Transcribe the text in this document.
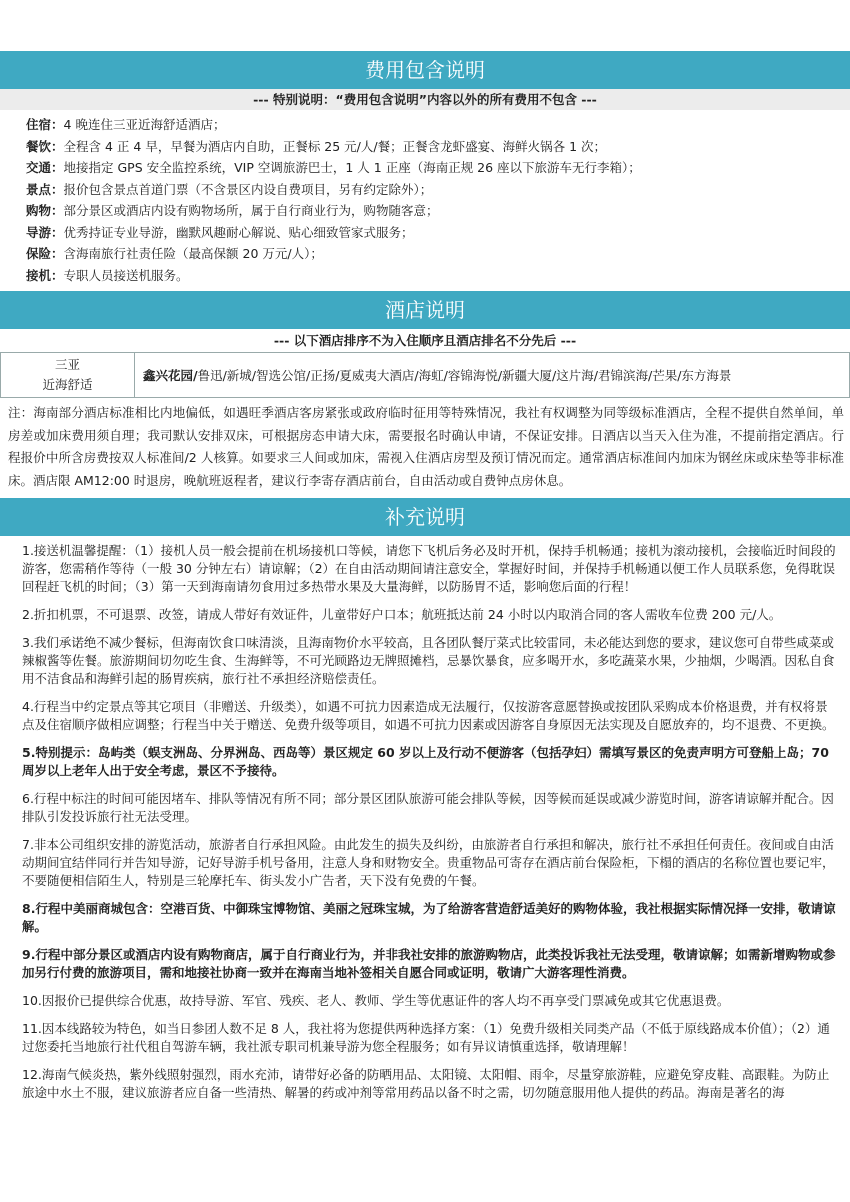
费用包含说明
--- 特别说明：“费用包含说明”内容以外的所有费用不包含 ---
住宿：4 晚连住三亚近海舒适酒店；
餐饮：全程含 4 正 4 早，早餐为酒店内自助，正餐标 25 元/人/餐；正餐含龙虾盛宴、海鲜火锅各 1 次；
交通：地接指定 GPS 安全监控系统，VIP 空调旅游巴士，1 人 1 正座（海南正规 26 座以下旅游车无行李箱）；
景点：报价包含景点首道门票（不含景区内设自费项目，另有约定除外）；
购物：部分景区或酒店内设有购物场所，属于自行商业行为，购物随客意；
导游：优秀持证专业导游，幽默风趣耐心解说、贴心细致管家式服务；
保险：含海南旅行社责任险（最高保额 20 万元/人）；
接机：专职人员接送机服务。
酒店说明
--- 以下酒店排序不为入住顺序且酒店排名不分先后 ---
三亚
近海舒适
	鑫兴花园/鲁迅/新城/智选公馆/正扬/夏威夷大酒店/海虹/容锦海悦/新疆大厦/这片海/君锦滨海/芒果/东方海景
注：海南部分酒店标准相比内地偏低，如遇旺季酒店客房紧张或政府临时征用等特殊情况，我社有权调整为同等级标准酒店，全程不提供自然单间，单房差或加床费用须自理；我司默认安排双床，可根据房态申请大床，需要报名时确认申请，不保证安排。日酒店以当天入住为准，不提前指定酒店。行程报价中所含房费按双人标准间/2 人核算。如要求三人间或加床，需视入住酒店房型及预订情况而定。通常酒店标准间内加床为钢丝床或床垫等非标准床。酒店限 AM12:00 时退房，晚航班返程者，建议行李寄存酒店前台，自由活动或自费钟点房休息。
补充说明
1.接送机温馨提醒：（1）接机人员一般会提前在机场接机口等候，请您下飞机后务必及时开机，保持手机畅通；接机为滚动接机，会接临近时间段的游客，您需稍作等待（一般 30 分钟左右）请谅解；（2）在自由活动期间请注意安全，掌握好时间，并保持手机畅通以便工作人员联系您，免得耽误回程赶飞机的时间；（3）第一天到海南请勿食用过多热带水果及大量海鲜，以防肠胃不适，影响您后面的行程！
2.折扣机票，不可退票、改签，请成人带好有效证件，儿童带好户口本；航班抵达前 24 小时以内取消合同的客人需收车位费 200 元/人。
3.我们承诺绝不减少餐标，但海南饮食口味清淡，且海南物价水平较高，且各团队餐厅菜式比较雷同，未必能达到您的要求，建议您可自带些咸菜或辣椒酱等佐餐。旅游期间切勿吃生食、生海鲜等，不可光顾路边无牌照摊档，忌暴饮暴食，应多喝开水，多吃蔬菜水果，少抽烟，少喝酒。因私自食用不洁食品和海鲜引起的肠胃疾病，旅行社不承担经济赔偿责任。
4.行程当中约定景点等其它项目（非赠送、升级类），如遇不可抗力因素造成无法履行，仅按游客意愿替换或按团队采购成本价格退费，并有权将景点及住宿顺序做相应调整；行程当中关于赠送、免费升级等项目，如遇不可抗力因素或因游客自身原因无法实现及自愿放弃的，均不退费、不更换。
5.特别提示：岛屿类（蜈支洲岛、分界洲岛、西岛等）景区规定 60 岁以上及行动不便游客（包括孕妇）需填写景区的免责声明方可登船上岛；70 周岁以上老年人出于安全考虑，景区不予接待。
6.行程中标注的时间可能因堵车、排队等情况有所不同；部分景区团队旅游可能会排队等候，因等候而延误或减少游览时间，游客请谅解并配合。因排队引发投诉旅行社无法受理。
7.非本公司组织安排的游览活动，旅游者自行承担风险。由此发生的损失及纠纷，由旅游者自行承担和解决，旅行社不承担任何责任。夜间或自由活动期间宜结伴同行并告知导游，记好导游手机号备用，注意人身和财物安全。贵重物品可寄存在酒店前台保险柜，下榻的酒店的名称位置也要记牢，不要随便相信陌生人，特别是三轮摩托车、街头发小广告者，天下没有免费的午餐。
8.行程中美丽商城包含：空港百货、中御珠宝博物馆、美丽之冠珠宝城，为了给游客营造舒适美好的购物体验，我社根据实际情况择一安排，敬请谅解。
9.行程中部分景区或酒店内设有购物商店，属于自行商业行为，并非我社安排的旅游购物店，此类投诉我社无法受理，敬请谅解；如需新增购物或参加另行付费的旅游项目，需和地接社协商一致并在海南当地补签相关自愿合同或证明，敬请广大游客理性消费。
10.因报价已提供综合优惠，故持导游、军官、残疾、老人、教师、学生等优惠证件的客人均不再享受门票减免或其它优惠退费。
11.因本线路较为特色，如当日参团人数不足 8 人，我社将为您提供两种选择方案：（1）免费升级相关同类产品（不低于原线路成本价值）；（2）通过您委托当地旅行社代租自驾游车辆，我社派专职司机兼导游为您全程服务；如有异议请慎重选择，敬请理解！
12.海南气候炎热，紫外线照射强烈，雨水充沛，请带好必备的防晒用品、太阳镜、太阳帽、雨伞，尽量穿旅游鞋，应避免穿皮鞋、高跟鞋。为防止旅途中水土不服，建议旅游者应自备一些清热、解暑的药或冲剂等常用药品以备不时之需，切勿随意服用他人提供的药品。海南是著名的海
